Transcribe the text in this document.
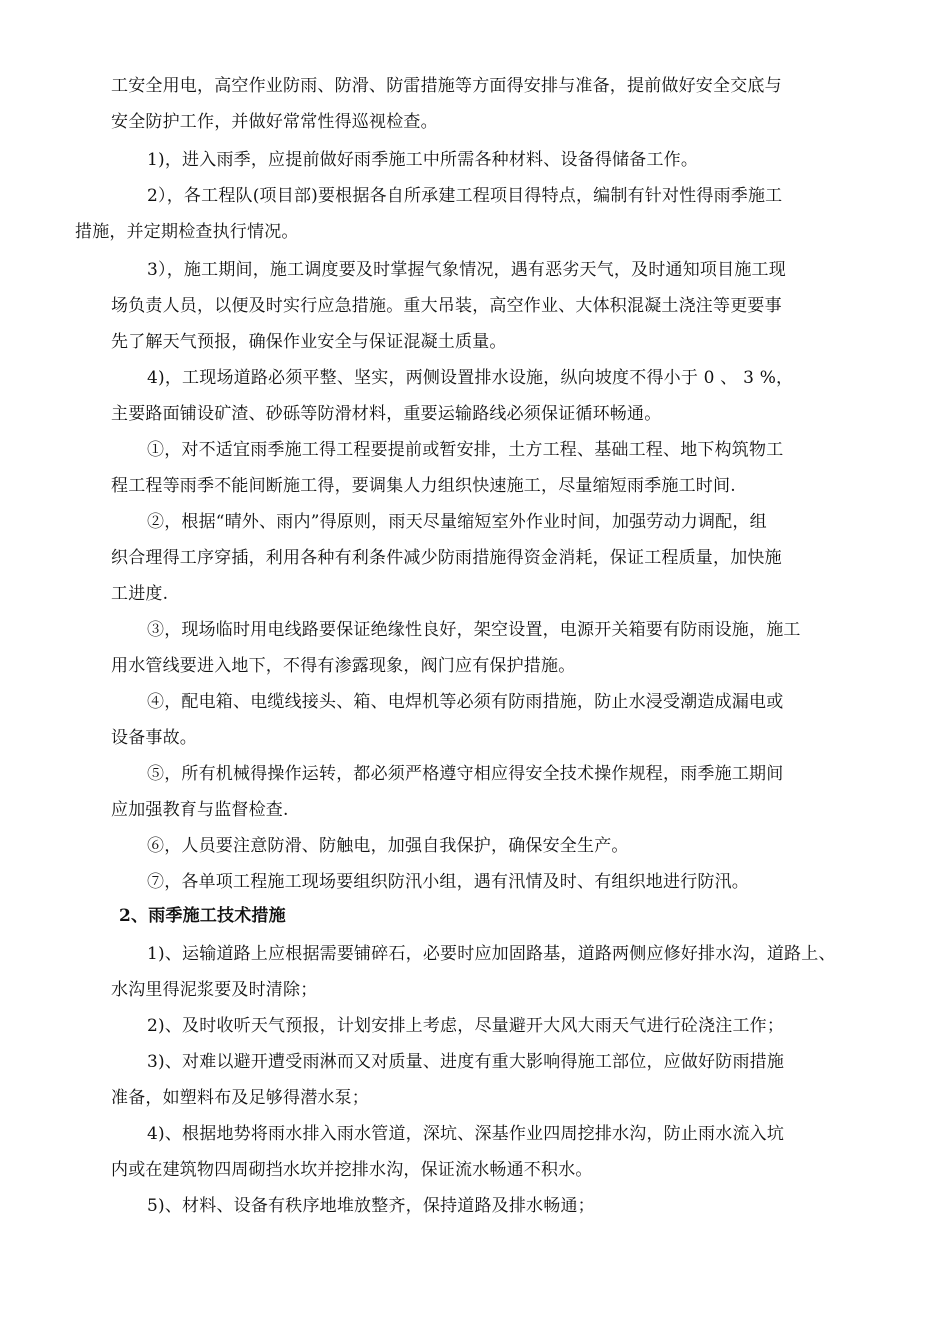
工安全用电，高空作业防雨、防滑、防雷措施等方面得安排与准备，提前做好安全交底与
安全防护工作，并做好常常性得巡视检查。

1)，进入雨季，应提前做好雨季施工中所需各种材料、设备得储备工作。

2），各工程队(项目部)要根据各自所承建工程项目得特点，编制有针对性得雨季施工
措施，并定期检查执行情况。

3），施工期间，施工调度要及时掌握气象情况，遇有恶劣天气，及时通知项目施工现
场负责人员，以便及时实行应急措施。重大吊装，高空作业、大体积混凝土浇注等更要事
先了解天气预报，确保作业安全与保证混凝土质量。

4)，工现场道路必须平整、坚实，两侧设置排水设施，纵向坡度不得小于 0 、 3 %，
主要路面铺设矿渣、砂砾等防滑材料，重要运输路线必须保证循环畅通。

①，对不适宜雨季施工得工程要提前或暂安排，土方工程、基础工程、地下构筑物工
程工程等雨季不能间断施工得，要调集人力组织快速施工，尽量缩短雨季施工时间.

②，根据“晴外、雨内”得原则，雨天尽量缩短室外作业时间，加强劳动力调配，组
织合理得工序穿插，利用各种有利条件减少防雨措施得资金消耗，保证工程质量，加快施
工进度.

③，现场临时用电线路要保证绝缘性良好，架空设置，电源开关箱要有防雨设施，施工
用水管线要进入地下，不得有渗露现象，阀门应有保护措施。

④，配电箱、电缆线接头、箱、电焊机等必须有防雨措施，防止水浸受潮造成漏电或
设备事故。

⑤，所有机械得操作运转，都必须严格遵守相应得安全技术操作规程，雨季施工期间
应加强教育与监督检查.

⑥，人员要注意防滑、防触电，加强自我保护，确保安全生产。

⑦，各单项工程施工现场要组织防汛小组，遇有汛情及时、有组织地进行防汛。

2、雨季施工技术措施

1)、运输道路上应根据需要铺碎石，必要时应加固路基，道路两侧应修好排水沟，道路上、
水沟里得泥浆要及时清除；

2)、及时收听天气预报，计划安排上考虑，尽量避开大风大雨天气进行砼浇注工作；

3)、对难以避开遭受雨淋而又对质量、进度有重大影响得施工部位，应做好防雨措施
准备，如塑料布及足够得潜水泵；

4)、根据地势将雨水排入雨水管道，深坑、深基作业四周挖排水沟，防止雨水流入坑
内或在建筑物四周砌挡水坎并挖排水沟，保证流水畅通不积水。

5)、材料、设备有秩序地堆放整齐，保持道路及排水畅通；
